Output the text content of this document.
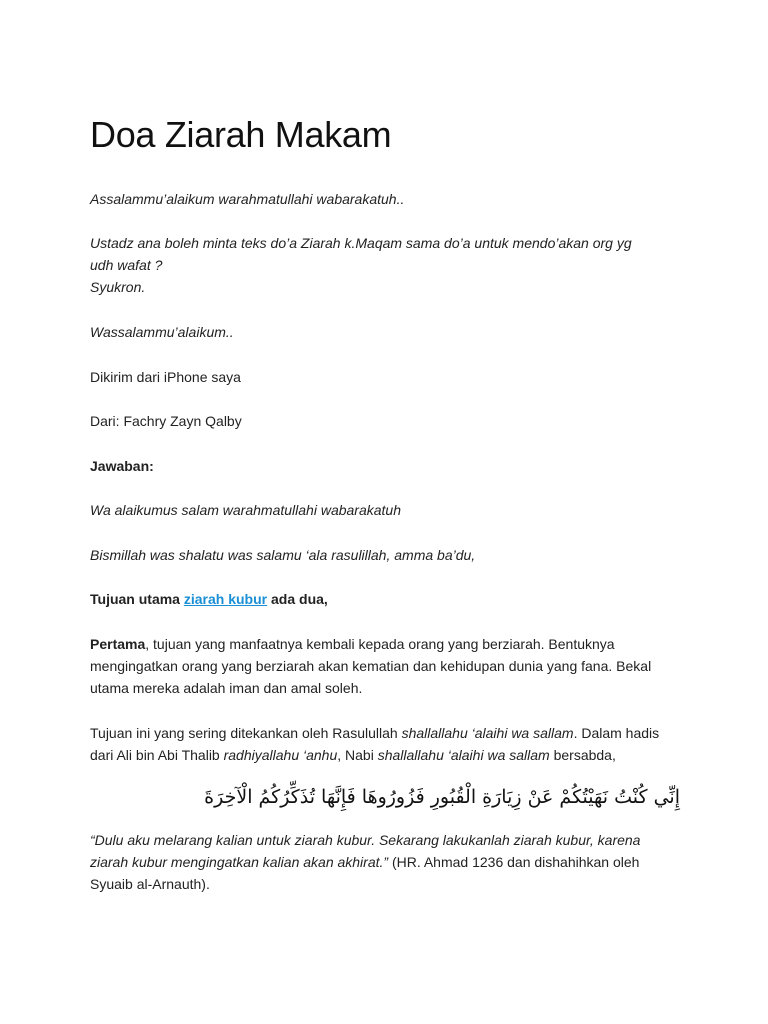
Doa Ziarah Makam

Assalammu’alaikum warahmatullahi wabarakatuh..

Ustadz ana boleh minta teks do’a Ziarah k.Maqam sama do’a untuk mendo’akan org yg
udh wafat ?
Syukron.

Wassalammu’alaikum..

Dikirim dari iPhone saya

Dari: Fachry Zayn Qalby

Jawaban:

Wa alaikumus salam warahmatullahi wabarakatuh

Bismillah was shalatu was salamu ‘ala rasulillah, amma ba’du,

Tujuan utama ziarah kubur ada dua,

Pertama, tujuan yang manfaatnya kembali kepada orang yang berziarah. Bentuknya
mengingatkan orang yang berziarah akan kematian dan kehidupan dunia yang fana. Bekal
utama mereka adalah iman dan amal soleh.

Tujuan ini yang sering ditekankan oleh Rasulullah shallallahu ‘alaihi wa sallam. Dalam hadis
dari Ali bin Abi Thalib radhiyallahu ‘anhu, Nabi shallallahu ‘alaihi wa sallam bersabda,

إِنِّي كُنْتُ نَهَيْتُكُمْ عَنْ زِيَارَةِ الْقُبُورِ فَزُورُوهَا فَإِنَّهَا تُذَكِّرُكُمُ الْآخِرَةَ

“Dulu aku melarang kalian untuk ziarah kubur. Sekarang lakukanlah ziarah kubur, karena
ziarah kubur mengingatkan kalian akan akhirat.” (HR. Ahmad 1236 dan dishahihkan oleh
Syuaib al-Arnauth).
